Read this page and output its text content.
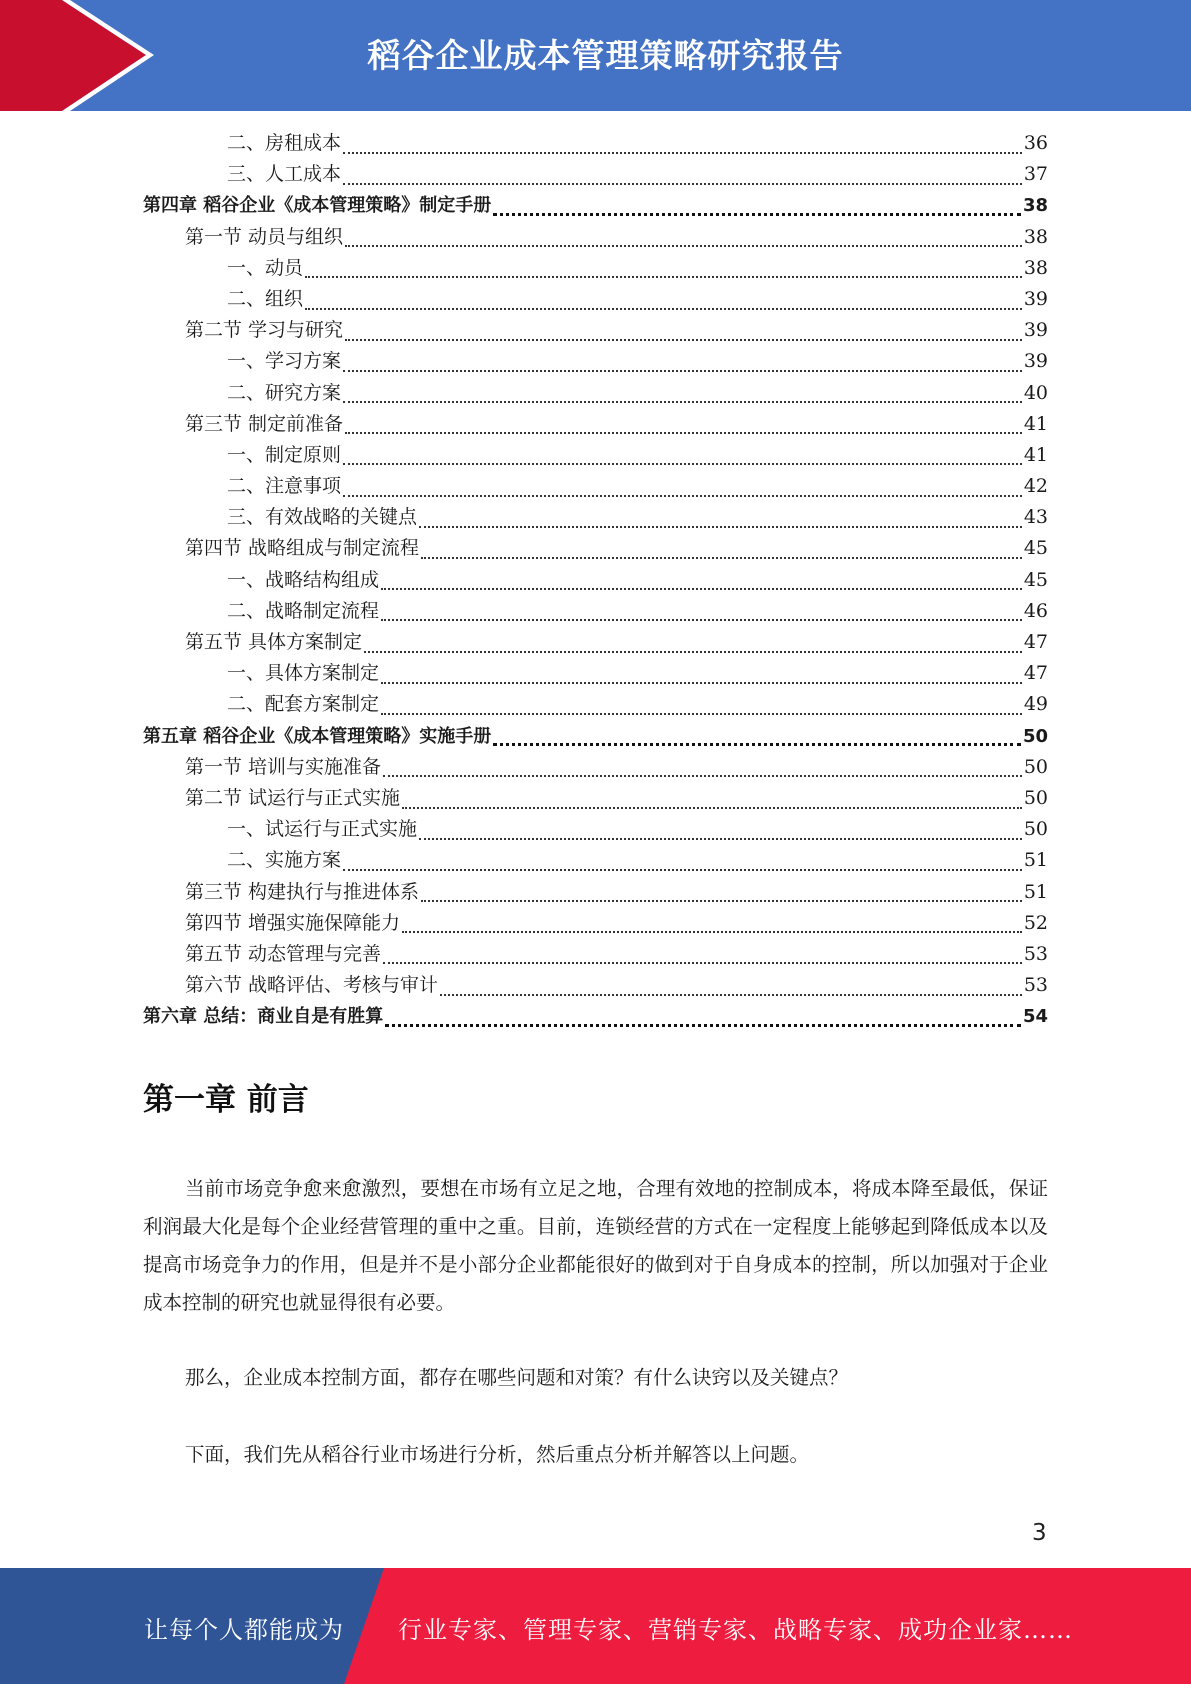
稻谷企业成本管理策略研究报告
二、房租成本	36
三、人工成本	37
第四章 稻谷企业《成本管理策略》制定手册	38
第一节 动员与组织	38
一、动员	38
二、组织	39
第二节 学习与研究	39
一、学习方案	39
二、研究方案	40
第三节 制定前准备	41
一、制定原则	41
二、注意事项	42
三、有效战略的关键点	43
第四节 战略组成与制定流程	45
一、战略结构组成	45
二、战略制定流程	46
第五节 具体方案制定	47
一、具体方案制定	47
二、配套方案制定	49
第五章 稻谷企业《成本管理策略》实施手册	50
第一节 培训与实施准备	50
第二节 试运行与正式实施	50
一、试运行与正式实施	50
二、实施方案	51
第三节 构建执行与推进体系	51
第四节 增强实施保障能力	52
第五节 动态管理与完善	53
第六节 战略评估、考核与审计	53
第六章 总结：商业自是有胜算	54
第一章 前言

当前市场竞争愈来愈激烈，要想在市场有立足之地，合理有效地的控制成本，将成本降至最低，保证利润最大化是每个企业经营管理的重中之重。目前，连锁经营的方式在一定程度上能够起到降低成本以及提高市场竞争力的作用，但是并不是小部分企业都能很好的做到对于自身成本的控制，所以加强对于企业成本控制的研究也就显得很有必要。

那么，企业成本控制方面，都存在哪些问题和对策？有什么诀窍以及关键点？

下面，我们先从稻谷行业市场进行分析，然后重点分析并解答以上问题。

3
让每个人都能成为 行业专家、管理专家、营销专家、战略专家、成功企业家……
